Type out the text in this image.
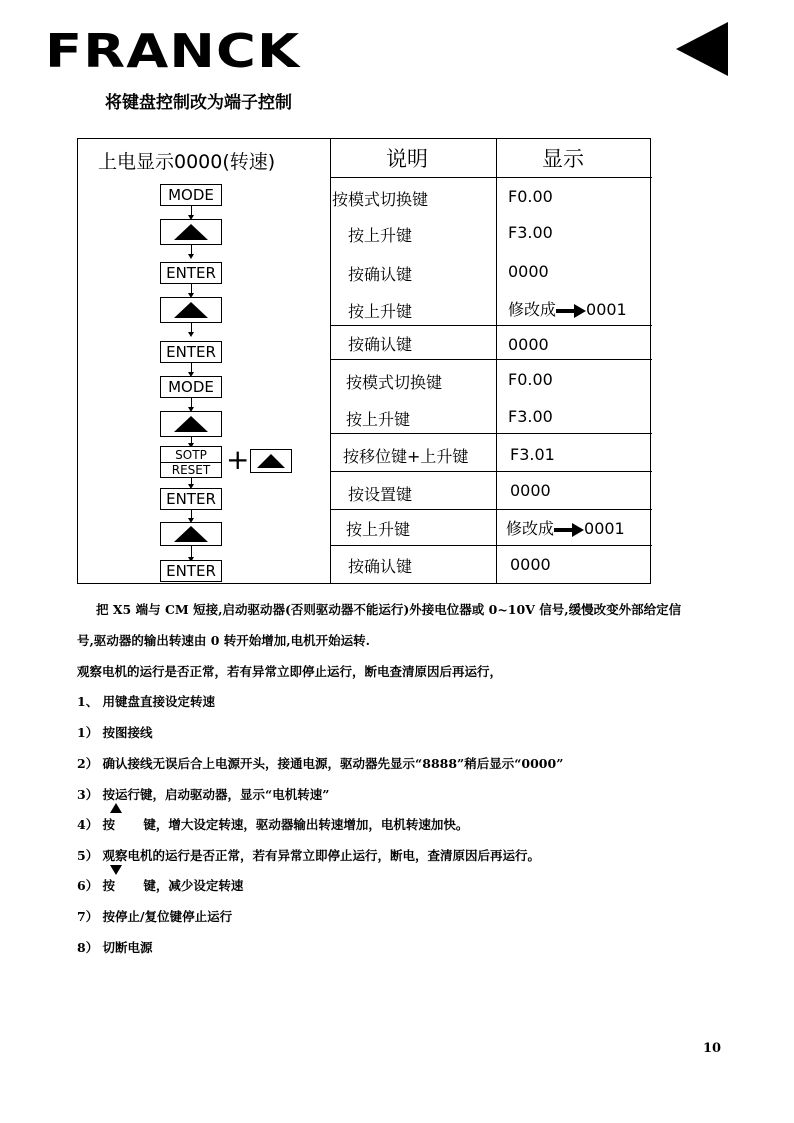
FRANCK
将键盘控制改为端子控制
上电显示0000(转速)	说明	显示
按模式切换键
按上升键
按确认键
按上升键
按确认键
按模式切换键
按上升键
按移位键+上升键
按设置键
按上升键
按确认键
F0.00
F3.00
0000
修改成 0001
0000
F0.00
F3.00
F3.01
0000
修改成 0001
0000
MODE
ENTER
ENTER
MODE
SOTP
RESET +
ENTER
ENTER
把 X5 端与 CM 短接,启动驱动器(否则驱动器不能运行)外接电位器或 0~10V 信号,缓慢改变外部给定信
号,驱动器的输出转速由 0 转开始增加,电机开始运转.
观察电机的运行是否正常，若有异常立即停止运行，断电查清原因后再运行，
1、 用键盘直接设定转速
1） 按图接线
2） 确认接线无误后合上电源开头，接通电源，驱动器先显示“8888”稍后显示“0000”
3） 按运行键，启动驱动器，显示“电机转速”
4） 按 键，增大设定转速，驱动器输出转速增加，电机转速加快。
5） 观察电机的运行是否正常，若有异常立即停止运行，断电，查清原因后再运行。
6） 按 键，减少设定转速
7） 按停止/复位键停止运行
8） 切断电源
10
